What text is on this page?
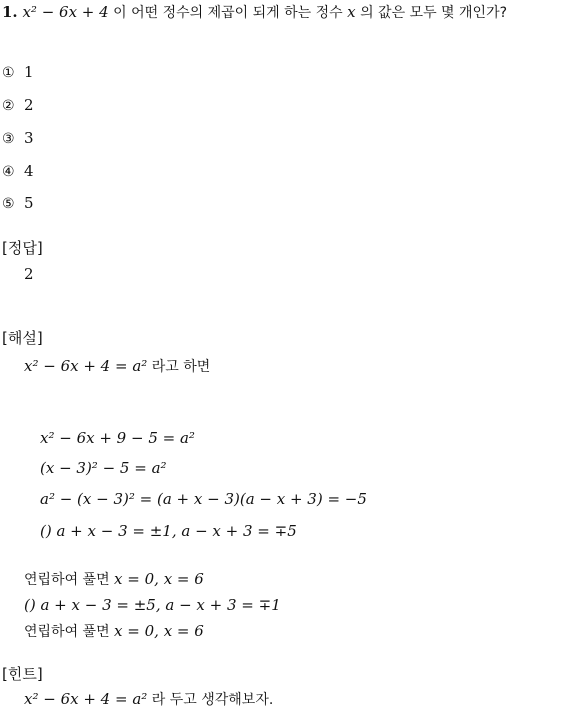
1. x² − 6x + 4 이 어떤 정수의 제곱이 되게 하는 정수 x 의 값은 모두 몇 개인가?
① 1
② 2
③ 3
④ 4
⑤ 5
[정답]
2
[해설]
x² − 6x + 4 = a² 라고 하면
x² − 6x + 9 − 5 = a²
(x − 3)² − 5 = a²
a² − (x − 3)² = (a + x − 3)(a − x + 3) = −5
() a + x − 3 = ±1, a − x + 3 = ∓5
연립하여 풀면 x = 0, x = 6
() a + x − 3 = ±5, a − x + 3 = ∓1
연립하여 풀면 x = 0, x = 6
[힌트]
x² − 6x + 4 = a² 라 두고 생각해보자.
